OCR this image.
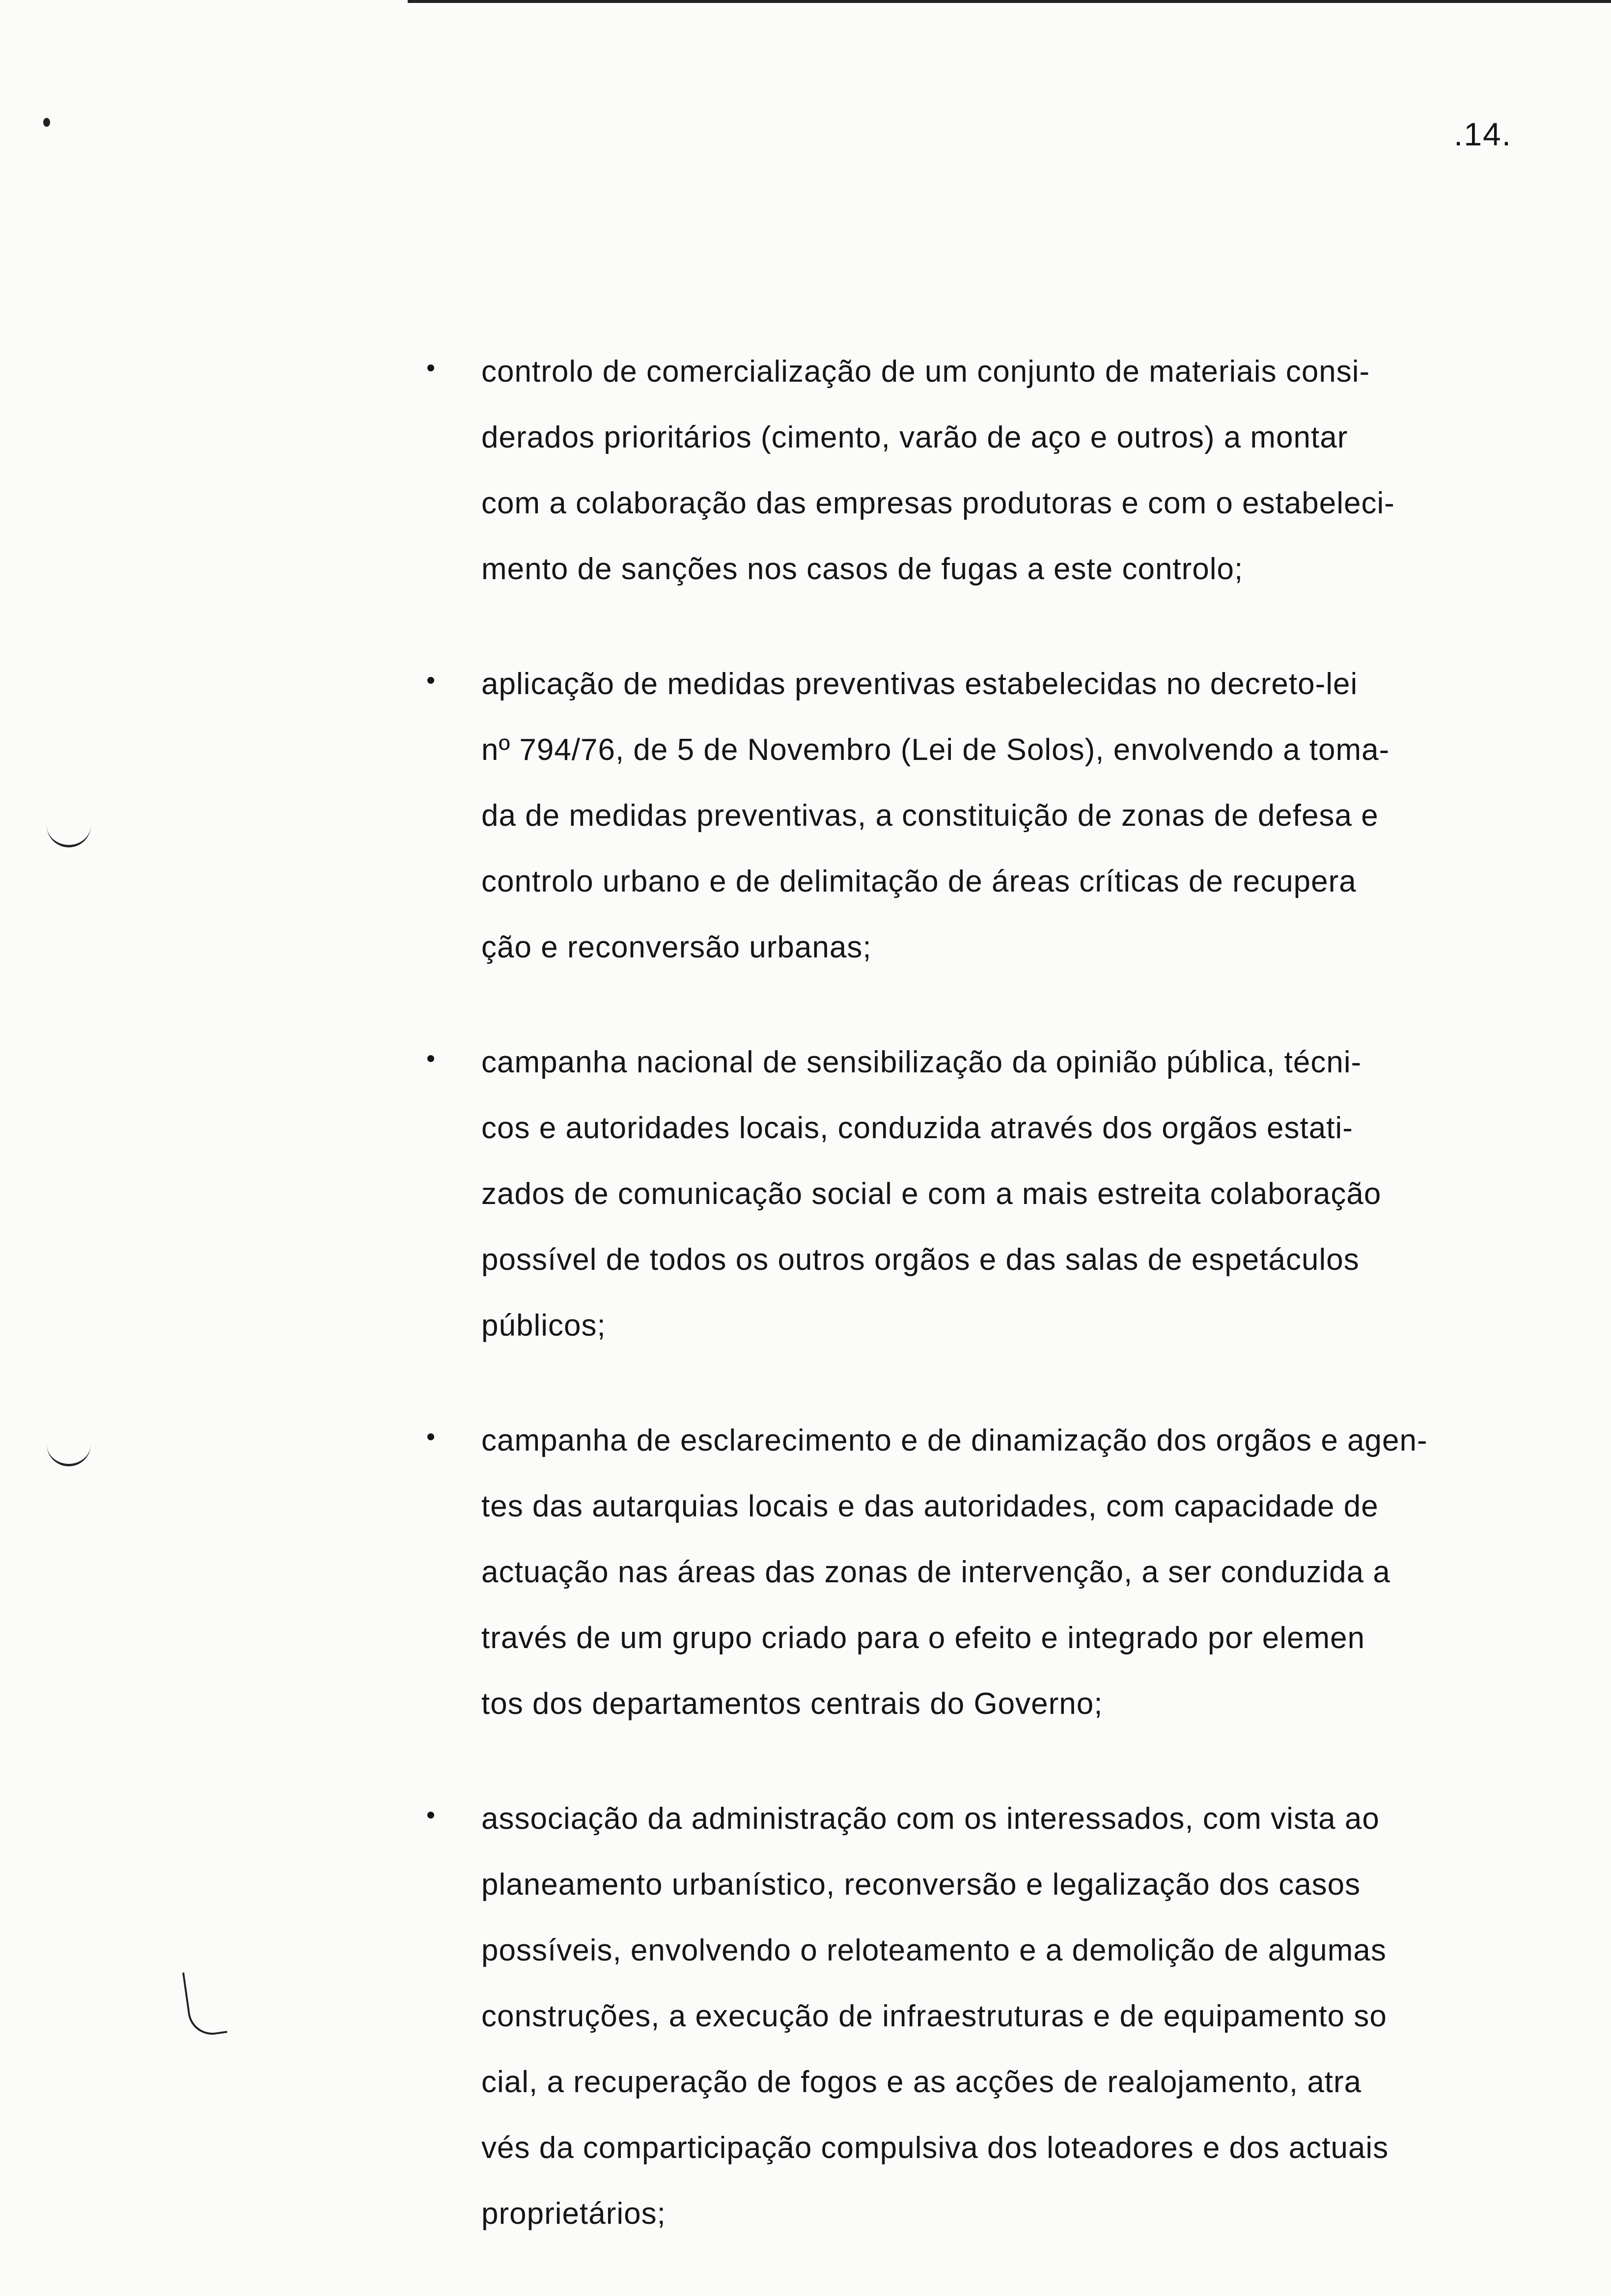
.14.
controlo de comercialização de um conjunto de materiais consi-
derados prioritários (cimento, varão de aço e outros) a montar
com a colaboração das empresas produtoras e com o estabeleci-
mento de sanções nos casos de fugas a este controlo;
aplicação de medidas preventivas estabelecidas no decreto-lei
nº 794/76, de 5 de Novembro (Lei de Solos), envolvendo a toma-
da de medidas preventivas, a constituição de zonas de defesa e
controlo urbano e de delimitação de áreas críticas de recupera
ção e reconversão urbanas;
campanha nacional de sensibilização da opinião pública, técni-
cos e autoridades locais, conduzida através dos orgãos estati-
zados de comunicação social e com a mais estreita colaboração
possível de todos os outros orgãos e das salas de espetáculos
públicos;
campanha de esclarecimento e de dinamização dos orgãos e agen-
tes das autarquias locais e das autoridades, com capacidade de
actuação nas áreas das zonas de intervenção, a ser conduzida a
través de um grupo criado para o efeito e integrado por elemen
tos dos departamentos centrais do Governo;
associação da administração com os interessados, com vista ao
planeamento urbanístico, reconversão e legalização dos casos
possíveis, envolvendo o reloteamento e a demolição de algumas
construções, a execução de infraestruturas e de equipamento so
cial, a recuperação de fogos e as acções de realojamento, atra
vés da comparticipação compulsiva dos loteadores e dos actuais
proprietários;
